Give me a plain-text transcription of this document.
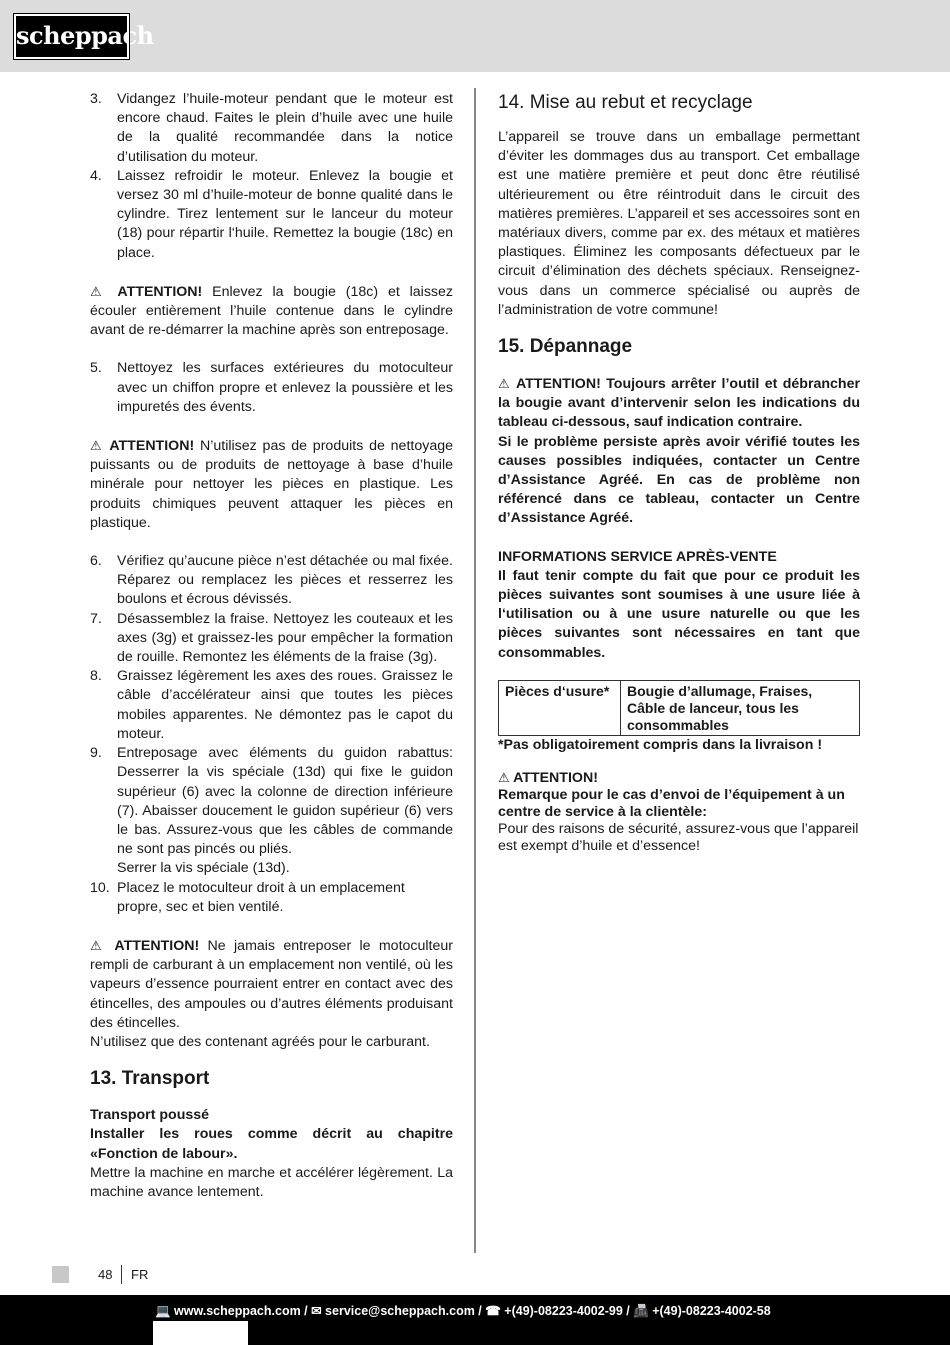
scheppach
3.	Vidangez l’huile-moteur pendant que le moteur est encore chaud. Faites le plein d’huile avec une huile de la qualité recommandée dans la notice d’utilisation du moteur.
4.	Laissez refroidir le moteur. Enlevez la bougie et versez 30 ml d’huile-moteur de bonne qualité dans le cylindre. Tirez lentement sur le lanceur du moteur (18) pour répartir l‘huile. Remettez la bougie (18c) en place.

⚠ ATTENTION! Enlevez la bougie (18c) et laissez écouler entièrement l’huile contenue dans le cylindre avant de re-démarrer la machine après son entreposage.

5.	Nettoyez les surfaces extérieures du motoculteur avec un chiffon propre et enlevez la poussière et les impuretés des évents.

⚠ ATTENTION! N’utilisez pas de produits de nettoyage puissants ou de produits de nettoyage à base d’huile minérale pour nettoyer les pièces en plastique. Les produits chimiques peuvent attaquer les pièces en plastique.

6.	Vérifiez qu’aucune pièce n’est détachée ou mal fixée. Réparez ou remplacez les pièces et resserrez les boulons et écrous dévissés.
7.	Désassemblez la fraise. Nettoyez les couteaux et les axes (3g) et graissez-les pour empêcher la formation de rouille. Remontez les éléments de la fraise (3g).
8.	Graissez légèrement les axes des roues. Graissez le câble d’accélérateur ainsi que toutes les pièces mobiles apparentes. Ne démontez pas le capot du moteur.
9.	Entreposage avec éléments du guidon rabattus: Desserrer la vis spéciale (13d) qui fixe le guidon supérieur (6) avec la colonne de direction inférieure (7). Abaisser doucement le guidon supérieur (6) vers le bas. Assurez-vous que les câbles de commande ne sont pas pincés ou pliés.
Serrer la vis spéciale (13d).
10. Placez le motoculteur droit à un emplacement propre, sec et bien ventilé.

⚠ ATTENTION! Ne jamais entreposer le motoculteur rempli de carburant à un emplacement non ventilé, où les vapeurs d’essence pourraient entrer en contact avec des étincelles, des ampoules ou d’autres éléments produisant des étincelles.
N’utilisez que des contenant agréés pour le carburant.

13. Transport

Transport poussé

Installer les roues comme décrit au chapitre «Fonction de labour».

Mettre la machine en marche et accélérer légèrement. La machine avance lentement.

14. Mise au rebut et recyclage

L’appareil se trouve dans un emballage permettant d’éviter les dommages dus au transport. Cet emballage est une matière première et peut donc être réutilisé ultérieurement ou être réintroduit dans le circuit des matières premières. L’appareil et ses accessoires sont en matériaux divers, comme par ex. des métaux et matières plastiques. Éliminez les composants défectueux par le circuit d’élimination des déchets spéciaux. Renseignez-vous dans un commerce spécialisé ou auprès de l’administration de votre commune!

15. Dépannage

⚠ ATTENTION! Toujours arrêter l’outil et débrancher la bougie avant d’intervenir selon les indications du tableau ci-dessous, sauf indication contraire.

Si le problème persiste après avoir vérifié toutes les causes possibles indiquées, contacter un Centre d’Assistance Agréé. En cas de problème non référencé dans ce tableau, contacter un Centre d’Assistance Agréé.

INFORMATIONS SERVICE APRÈS-VENTE

Il faut tenir compte du fait que pour ce produit les pièces suivantes sont soumises à une usure liée à l‘utilisation ou à une usure naturelle ou que les pièces suivantes sont nécessaires en tant que consommables.

Pièces d‘usure*	Bougie d’allumage, Fraises, Câble de lanceur, tous les consommables

*Pas obligatoirement compris dans la livraison !

⚠ ATTENTION!

Remarque pour le cas d’envoi de l’équipement à un centre de service à la clientèle:

Pour des raisons de sécurité, assurez-vous que l’appareil est exempt d’huile et d’essence!

48 FR
💻 www.scheppach.com / ✉ service@scheppach.com / ☎ +(49)-08223-4002-99 / 📠 +(49)-08223-4002-58
